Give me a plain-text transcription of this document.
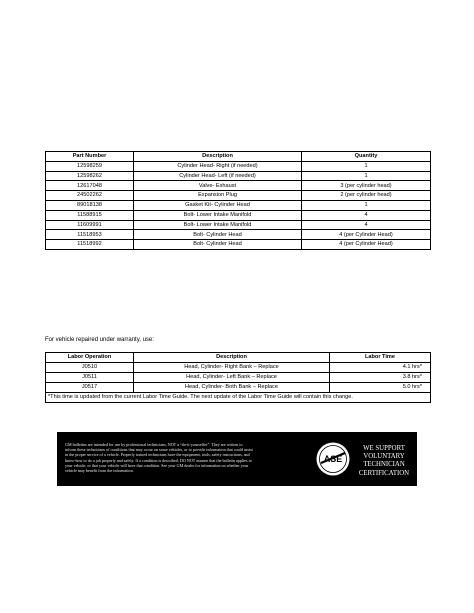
Part Number	Description	Quantity
12598259	Cylinder Head- Right (if needed)	1
12598262	Cylinder Head- Left (if needed)	1
12617048	Valve- Exhaust	3 (per cylinder head)
24502262	Expansion Plug	2 (per cylinder head)
89018138	Gasket Kit- Cylinder Head	1
11588915	Bolt- Lower Intake Manifold	4
11609991	Bolt- Lower Intake Manifold	4
11518953	Bolt- Cylinder Head	4 (per Cylinder Head)
11518992	Bolt- Cylinder Head	4 (per Cylinder Head)
For vehicle repaired under warranty, use:
Labor Operation	Description	Labor Time
J0510	Head, Cylinder- Right Bank – Replace	4.1 hrs*
J0511	Head, Cylinder- Left Bank – Replace	3.8 hrs*
J0517	Head, Cylinder- Both Bank – Replace	5.0 hrs*
*This time is updated from the current Labor Time Guide. The next update of the Labor Time Guide will contain this change.		
GM bulletins are intended for use by professional technicians, NOT a “do-it-yourselfer”. They are written to
inform these technicians of conditions that may occur on some vehicles, or to provide information that could assist
in the proper service of a vehicle. Properly trained technicians have the equipment, tools, safety instructions, and
know-how to do a job properly and safely. If a condition is described, DO NOT assume that the bulletin applies to
your vehicle, or that your vehicle will have that condition. See your GM dealer for information on whether your
vehicle may benefit from the information.
ASE
WE SUPPORT
VOLUNTARY
TECHNICIAN
CERTIFICATION
